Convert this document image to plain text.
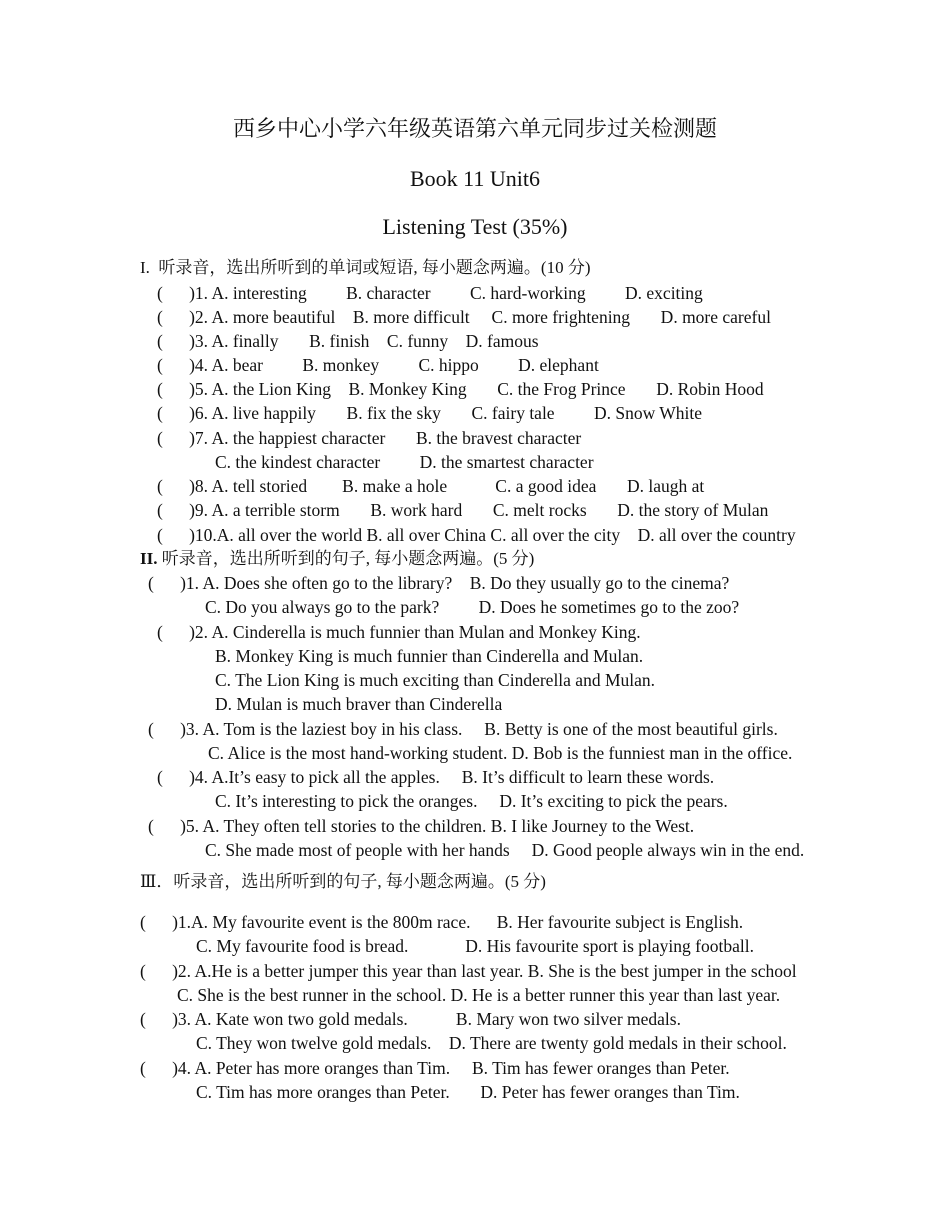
西乡中心小学六年级英语第六单元同步过关检测题
Book 11 Unit6
Listening Test (35%)
I.  听录音，选出所听到的单词或短语, 每小题念两遍。(10 分)
(      )1. A. interesting         B. character         C. hard-working         D. exciting
(      )2. A. more beautiful    B. more difficult     C. more frightening       D. more careful
(      )3. A. finally       B. finish    C. funny    D. famous
(      )4. A. bear         B. monkey         C. hippo         D. elephant
(      )5. A. the Lion King    B. Monkey King       C. the Frog Prince       D. Robin Hood
(      )6. A. live happily       B. fix the sky       C. fairy tale         D. Snow White
(      )7. A. the happiest character       B. the bravest character
C. the kindest character         D. the smartest character
(      )8. A. tell storied        B. make a hole           C. a good idea       D. laugh at
(      )9. A. a terrible storm       B. work hard       C. melt rocks       D. the story of Mulan
(      )10.A. all over the world B. all over China C. all over the city    D. all over the country
II. 听录音，选出所听到的句子, 每小题念两遍。(5 分)
(      )1. A. Does she often go to the library?    B. Do they usually go to the cinema?
C. Do you always go to the park?         D. Does he sometimes go to the zoo?
(      )2. A. Cinderella is much funnier than Mulan and Monkey King.
B. Monkey King is much funnier than Cinderella and Mulan.
C. The Lion King is much exciting than Cinderella and Mulan.
D. Mulan is much braver than Cinderella
(      )3. A. Tom is the laziest boy in his class.     B. Betty is one of the most beautiful girls.
C. Alice is the most hand-working student. D. Bob is the funniest man in the office.
(      )4. A.It’s easy to pick all the apples.     B. It’s difficult to learn these words.
C. It’s interesting to pick the oranges.     D. It’s exciting to pick the pears.
(      )5. A. They often tell stories to the children. B. I like Journey to the West.
C. She made most of people with her hands     D. Good people always win in the end.
Ⅲ．听录音，选出所听到的句子, 每小题念两遍。(5 分)
(      )1.A. My favourite event is the 800m race.      B. Her favourite subject is English.
C. My favourite food is bread.             D. His favourite sport is playing football.
(      )2. A.He is a better jumper this year than last year. B. She is the best jumper in the school
C. She is the best runner in the school. D. He is a better runner this year than last year.
(      )3. A. Kate won two gold medals.           B. Mary won two silver medals.
C. They won twelve gold medals.    D. There are twenty gold medals in their school.
(      )4. A. Peter has more oranges than Tim.     B. Tim has fewer oranges than Peter.
C. Tim has more oranges than Peter.       D. Peter has fewer oranges than Tim.
